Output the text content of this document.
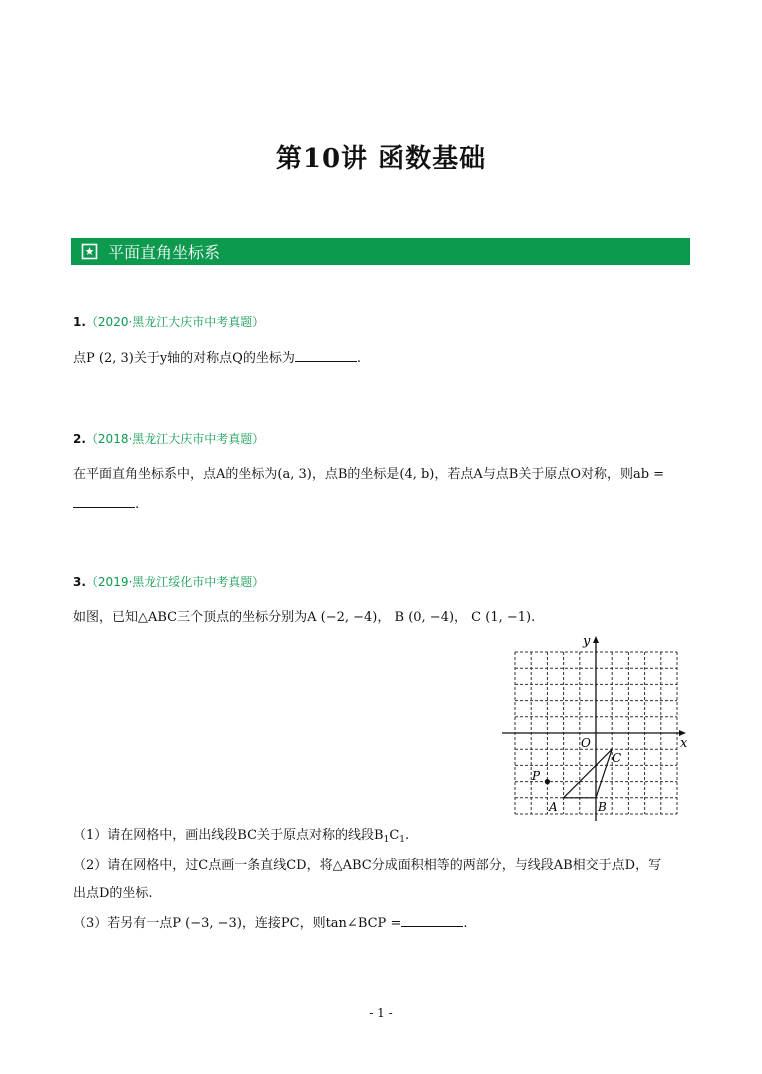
第10讲 函数基础
平面直角坐标系
1.（2020·黑龙江大庆市中考真题）
点P (2, 3)关于y轴的对称点Q的坐标为	.
2.（2018·黑龙江大庆市中考真题）
在平面直角坐标系中，点A的坐标为(a, 3)，点B的坐标是(4, b)，若点A与点B关于原点O对称，则ab =
.
3.（2019·黑龙江绥化市中考真题）
如图，已知△ABC三个顶点的坐标分别为A (−2, −4)， B (0, −4)， C (1, −1).
x
y
O
A	B
C
P
（1）请在网格中，画出线段BC关于原点对称的线段$B_1C_1$.
（2）请在网格中，过C点画一条直线CD，将△ABC分成面积相等的两部分，与线段AB相交于点D，写
出点D的坐标.
（3）若另有一点P (−3, −3)，连接PC，则tan∠BCP =	.
- 1 -
